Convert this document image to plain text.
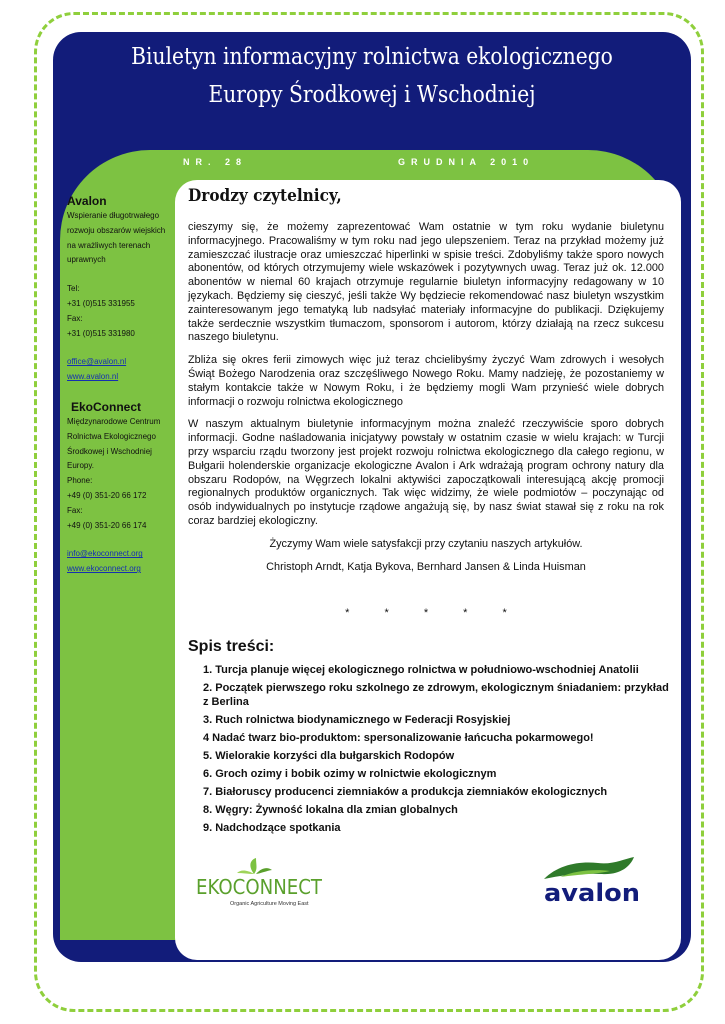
Biuletyn informacyjny rolnictwa ekologicznego
Europy Środkowej i Wschodniej
NR. 28	GRUDNIA 2010
Avalon
Wspieranie długotrwałego rozwoju obszarów wiejskich na wrażliwych terenach uprawnych
Tel:
+31 (0)515 331955
Fax:
+31 (0)515 331980
office@avalon.nl
www.avalon.nl
EkoConnect
Międzynarodowe Centrum Rolnictwa Ekologicznego Środkowej i Wschodniej Europy.
Phone:
+49 (0) 351-20 66 172
Fax:
+49 (0) 351-20 66 174
info@ekoconnect.org
www.ekoconnect.org
Drodzy czytelnicy,

cieszymy się, że możemy zaprezentować Wam ostatnie w tym roku wydanie biuletynu informacyjnego. Pracowaliśmy w tym roku nad jego ulepszeniem. Teraz na przykład możemy już zamieszczać ilustracje oraz umieszczać hiperlinki w spisie treści. Zdobyliśmy także sporo nowych abonentów, od których otrzymujemy wiele wskazówek i pozytywnych uwag. Teraz już ok. 12.000 abonentów w niemal 60 krajach otrzymuje regularnie biuletyn informacyjny redagowany w 10 językach. Będziemy się cieszyć, jeśli także Wy będziecie rekomendować nasz biuletyn wszystkim zainteresowanym jego tematyką lub nadsyłać materiały informacyjne do publikacji. Dziękujemy także serdecznie wszystkim tłumaczom, sponsorom i autorom, którzy działają na rzecz sukcesu naszego biuletynu.

Zbliża się okres ferii zimowych więc już teraz chcielibyśmy życzyć Wam zdrowych i wesołych Świąt Bożego Narodzenia oraz szczęśliwego Nowego Roku. Mamy nadzieję, że pozostaniemy w stałym kontakcie także w Nowym Roku, i że będziemy mogli Wam przynieść wiele dobrych informacji o rozwoju rolnictwa ekologicznego

W naszym aktualnym biuletynie informacyjnym można znaleźć rzeczywiście sporo dobrych informacji. Godne naśladowania inicjatywy powstały w ostatnim czasie w wielu krajach: w Turcji przy wsparciu rządu tworzony jest projekt rozwoju rolnictwa ekologicznego dla całego regionu, w Bułgarii holenderskie organizacje ekologiczne Avalon i Ark wdrażają program ochrony natury dla obszaru Rodopów, na Węgrzech lokalni aktywiści zapoczątkowali interesującą akcję promocji regionalnych produktów organicznych. Tak więc widzimy, że wiele podmiotów – poczynając od osób indywidualnych po instytucje rządowe angażują się, by nasz świat stawał się z roku na rok coraz bardziej ekologiczny.

Życzymy Wam wiele satysfakcji przy czytaniu naszych artykułów.

Christoph Arndt, Katja Bykova, Bernhard Jansen & Linda Huisman

* * * * *
Spis treści:
1. Turcja planuje więcej ekologicznego rolnictwa w południowo-wschodniej Anatolii
2. Początek pierwszego roku szkolnego ze zdrowym, ekologicznym śniadaniem: przykład z Berlina
3. Ruch rolnictwa biodynamicznego w Federacji Rosyjskiej
4 Nadać twarz bio-produktom: spersonalizowanie łańcucha pokarmowego!
5. Wielorakie korzyści dla bułgarskich Rodopów
6. Groch ozimy i bobik ozimy w rolnictwie ekologicznym
7. Białoruscy producenci ziemniaków a produkcja ziemniaków ekologicznych
8. Węgry: Żywność lokalna dla zmian globalnych
9. Nadchodzące spotkania
EKOCONNECT
Organic Agriculture Moving East	avalon
